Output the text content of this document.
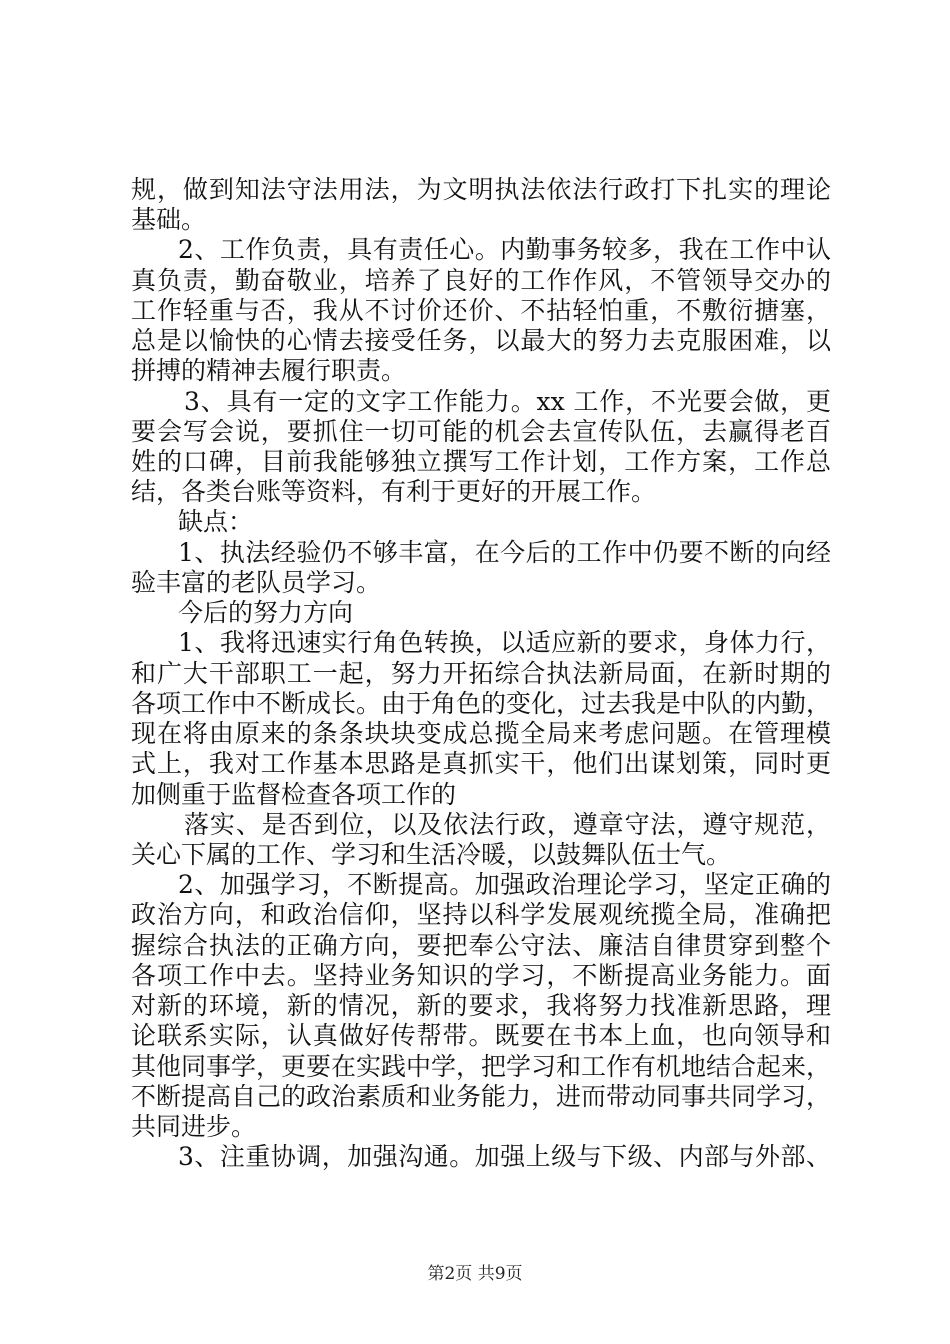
规，做到知法守法用法，为文明执法依法行政打下扎实的理论
基础。
2、工作负责，具有责任心。内勤事务较多，我在工作中认
真负责，勤奋敬业，培养了良好的工作作风，不管领导交办的
工作轻重与否，我从不讨价还价、不拈轻怕重，不敷衍搪塞，
总是以愉快的心情去接受任务，以最大的努力去克服困难，以
拼搏的精神去履行职责。
3、具有一定的文字工作能力。xx 工作，不光要会做，更
要会写会说，要抓住一切可能的机会去宣传队伍，去赢得老百
姓的口碑，目前我能够独立撰写工作计划，工作方案，工作总
结，各类台账等资料，有利于更好的开展工作。
缺点：
1、执法经验仍不够丰富，在今后的工作中仍要不断的向经
验丰富的老队员学习。
今后的努力方向
1、我将迅速实行角色转换，以适应新的要求，身体力行，
和广大干部职工一起，努力开拓综合执法新局面，在新时期的
各项工作中不断成长。由于角色的变化，过去我是中队的内勤，
现在将由原来的条条块块变成总揽全局来考虑问题。在管理模
式上，我对工作基本思路是真抓实干，他们出谋划策，同时更
加侧重于监督检查各项工作的
落实、是否到位，以及依法行政，遵章守法，遵守规范，
关心下属的工作、学习和生活冷暖，以鼓舞队伍士气。
2、加强学习，不断提高。加强政治理论学习，坚定正确的
政治方向，和政治信仰，坚持以科学发展观统揽全局，准确把
握综合执法的正确方向，要把奉公守法、廉洁自律贯穿到整个
各项工作中去。坚持业务知识的学习，不断提高业务能力。面
对新的环境，新的情况，新的要求，我将努力找准新思路，理
论联系实际，认真做好传帮带。既要在书本上血，也向领导和
其他同事学，更要在实践中学，把学习和工作有机地结合起来，
不断提高自己的政治素质和业务能力，进而带动同事共同学习，
共同进步。
3、注重协调，加强沟通。加强上级与下级、内部与外部、
第2页 共9页
